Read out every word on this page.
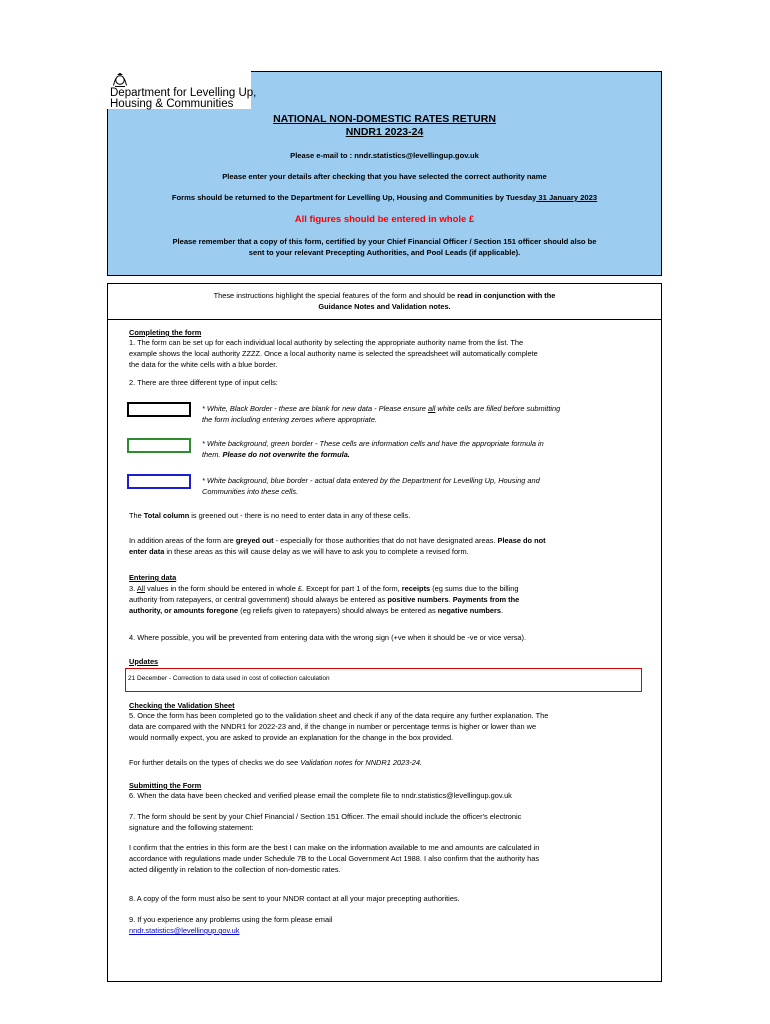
Department for Levelling Up,
Housing & Communities
NATIONAL NON-DOMESTIC RATES RETURN
NNDR1 2023-24
Please e-mail to : nndr.statistics@levellingup.gov.uk
Please enter your details after checking that you have selected the correct authority name
Forms should be returned to the Department for Levelling Up, Housing and Communities by Tuesday 31 January 2023
All figures should be entered in whole £
Please remember that a copy of this form, certified by your Chief Financial Officer / Section 151 officer should also be
sent to your relevant Precepting Authorities, and Pool Leads (if applicable).
These instructions highlight the special features of the form and should be read in conjunction with the
Guidance Notes and Validation notes.
Completing the form
1. The form can be set up for each individual local authority by selecting the appropriate authority name from the list. The
example shows the local authority ZZZZ. Once a local authority name is selected the spreadsheet will automatically complete
the data for the white cells with a blue border.
2. There are three different type of input cells:
* White, Black Border - these are blank for new data - Please ensure all white cells are filled before submitting
the form including entering zeroes where appropriate.
* White background, green border - These cells are information cells and have the appropriate formula in
them. Please do not overwrite the formula.
* White background, blue border - actual data entered by the Department for Levelling Up, Housing and
Communities into these cells.
The Total column is greened out - there is no need to enter data in any of these cells.
In addition areas of the form are greyed out - especially for those authorities that do not have designated areas. Please do not
enter data in these areas as this will cause delay as we will have to ask you to complete a revised form.
Entering data
3. All values in the form should be entered in whole £. Except for part 1 of the form, receipts (eg sums due to the billing
authority from ratepayers, or central government) should always be entered as positive numbers. Payments from the
authority, or amounts foregone (eg reliefs given to ratepayers) should always be entered as negative numbers.
4. Where possible, you will be prevented from entering data with the wrong sign (+ve when it should be -ve or vice versa).
Updates
21 December - Correction to data used in cost of collection calculation
Checking the Validation Sheet
5. Once the form has been completed go to the validation sheet and check if any of the data require any further explanation. The
data are compared with the NNDR1 for 2022-23 and, if the change in number or percentage terms is higher or lower than we
would normally expect, you are asked to provide an explanation for the change in the box provided.
For further details on the types of checks we do see Validation notes for NNDR1 2023-24.
Submitting the Form
6. When the data have been checked and verified please email the complete file to nndr.statistics@levellingup.gov.uk
7. The form should be sent by your Chief Financial / Section 151 Officer. The email should include the officer's electronic
signature and the following statement:
I confirm that the entries in this form are the best I can make on the information available to me and amounts are calculated in
accordance with regulations made under Schedule 7B to the Local Government Act 1988. I also confirm that the authority has
acted diligently in relation to the collection of non-domestic rates.
8. A copy of the form must also be sent to your NNDR contact at all your major precepting authorities.
9. If you experience any problems using the form please email
nndr.statistics@levellingup.gov.uk
